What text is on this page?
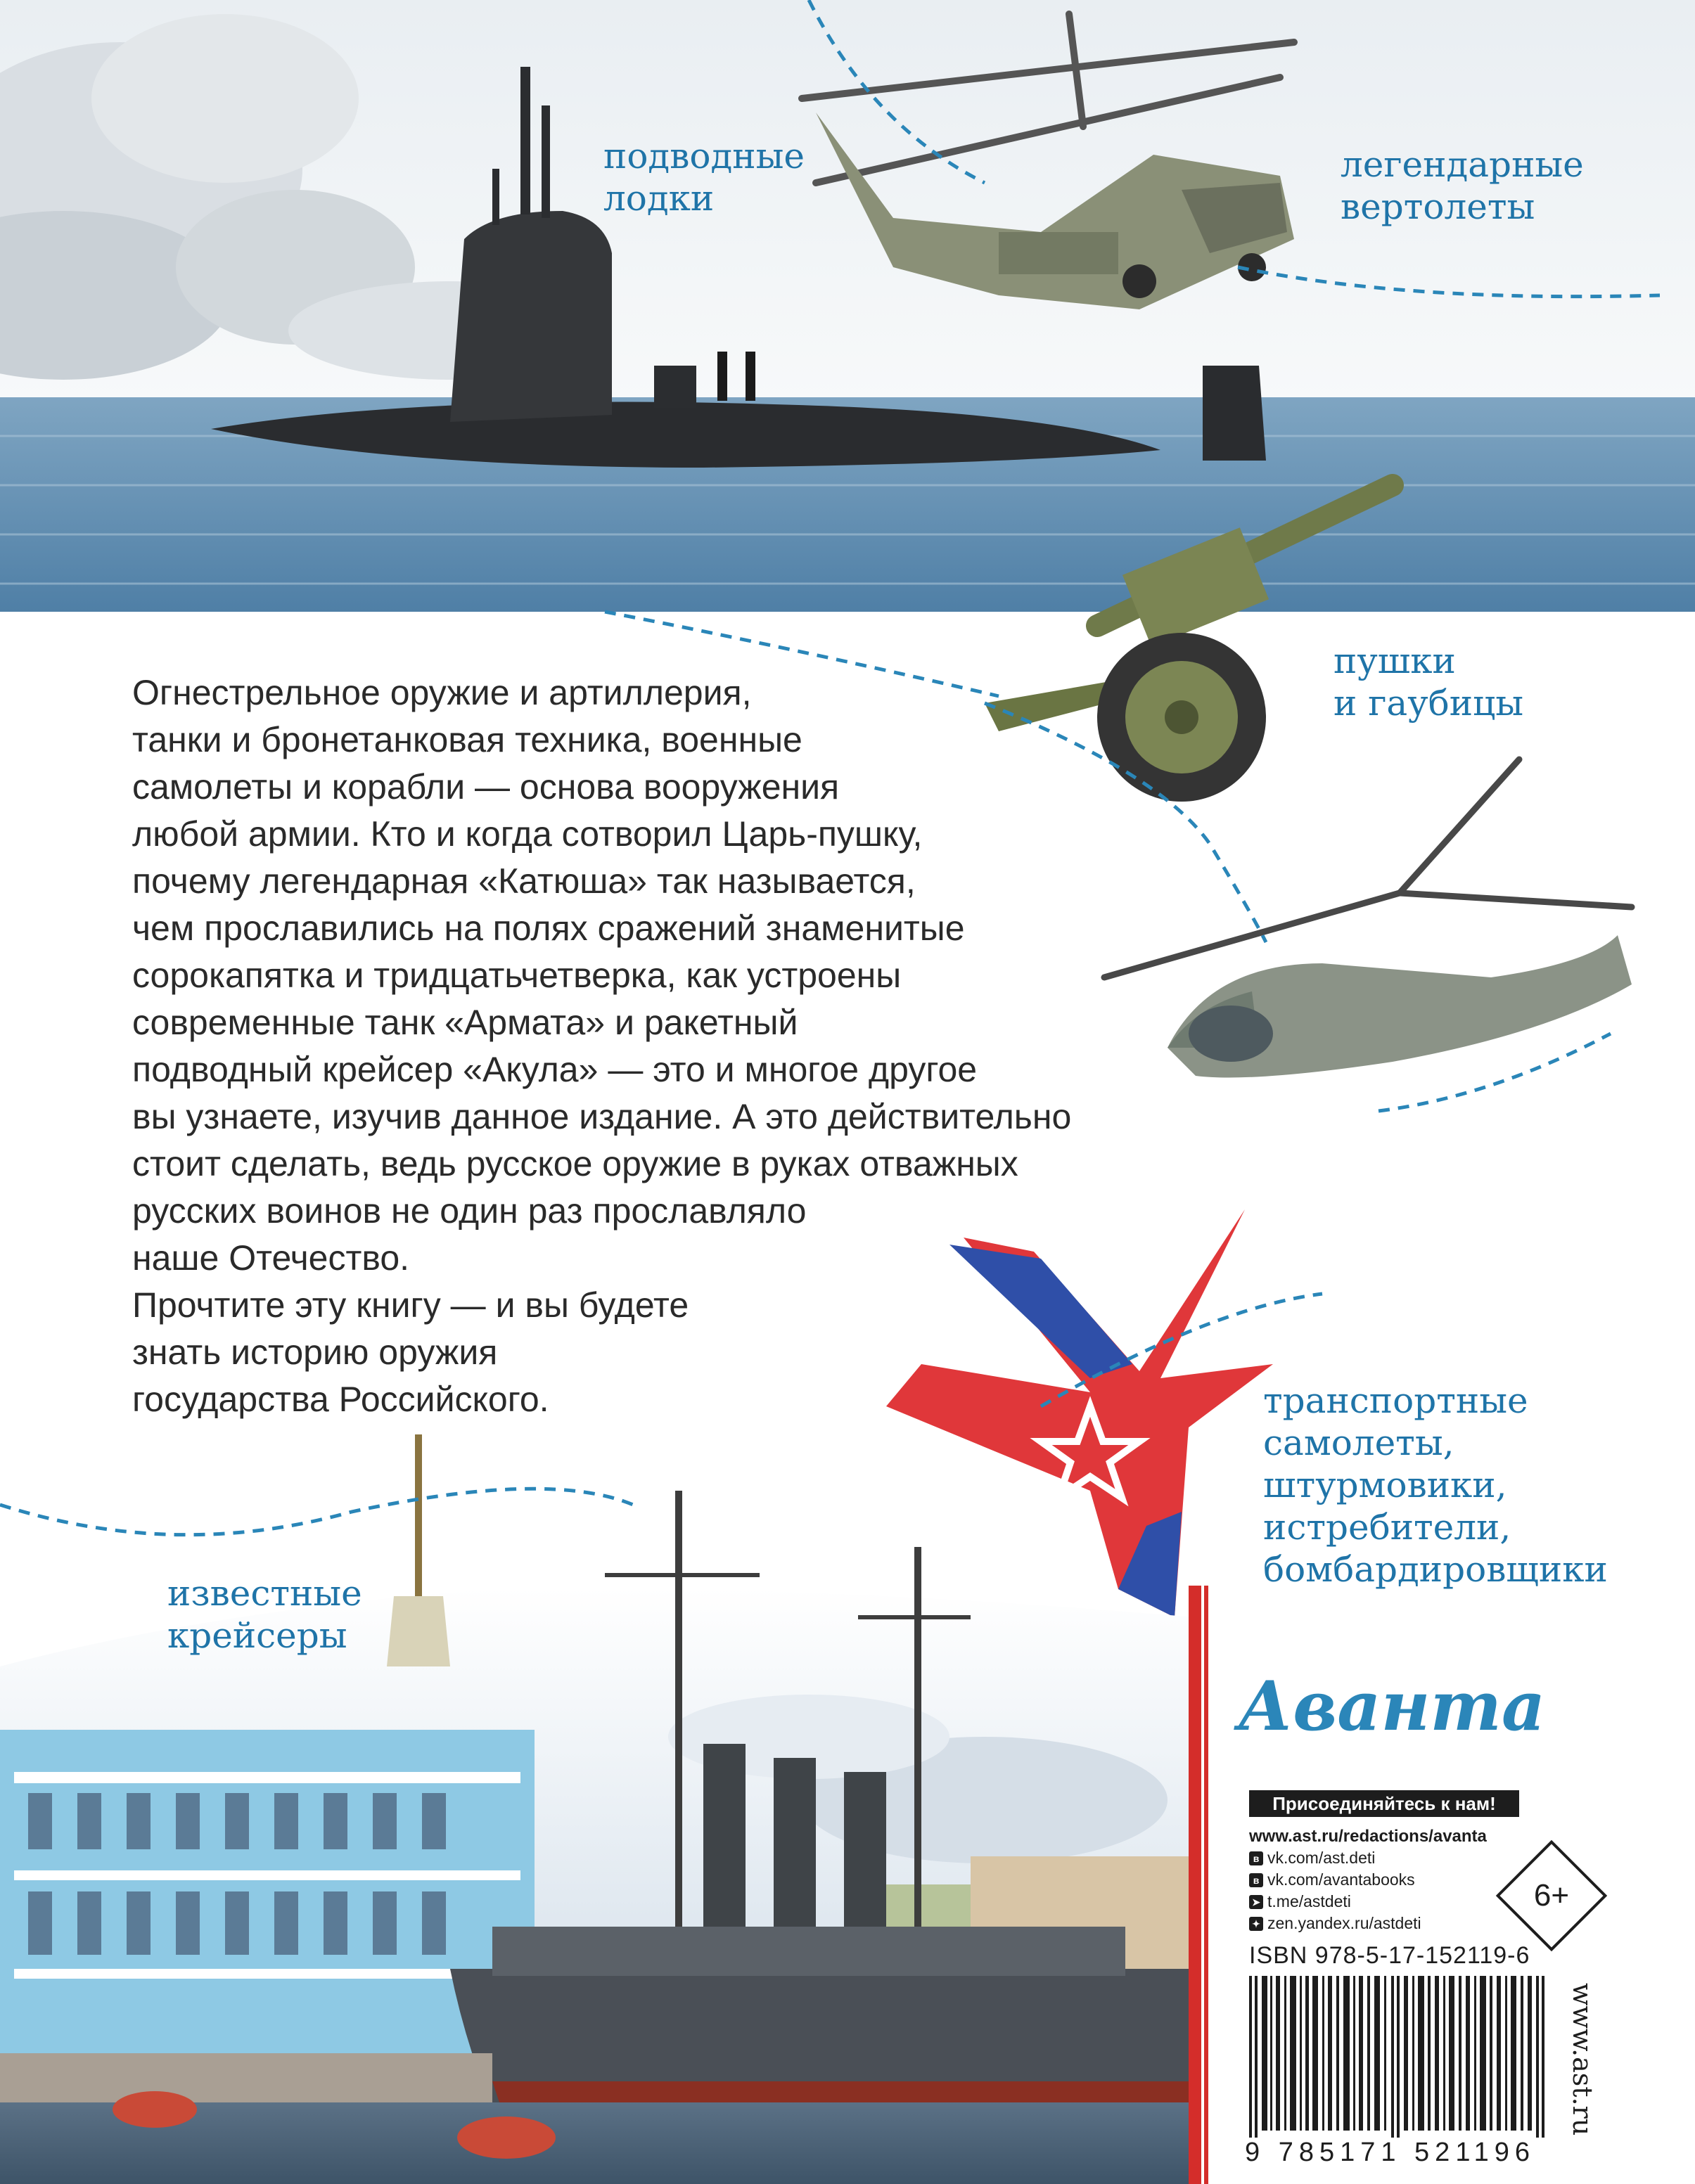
подводные
лодки
легендарные
вертолеты
пушки
и гаубицы
транспортные
самолеты,
штурмовики,
истребители,
бомбардировщики
известные
крейсеры

Огнестрельное оружие и артиллерия,
танки и бронетанковая техника, военные
самолеты и корабли — основа вооружения
любой армии. Кто и когда сотворил Царь-пушку,
почему легендарная «Катюша» так называется,
чем прославились на полях сражений знаменитые
сорокапятка и тридцатьчетверка, как устроены
современные танк «Армата» и ракетный
подводный крейсер «Акула» — это и многое другое
вы узнаете, изучив данное издание. А это действительно
стоит сделать, ведь русское оружие в руках отважных
русских воинов не один раз прославляло
наше Отечество.

Прочтите эту книгу — и вы будете
знать историю оружия
государства Российского.

Аванта
Присоединяйтесь к нам!
www.ast.ru/redactions/avanta
в vk.com/ast.deti
в vk.com/avantabooks
➤ t.me/astdeti
✦ zen.yandex.ru/astdeti
6+
ISBN 978-5-17-152119-6
9 785171 521196
www.ast.ru
